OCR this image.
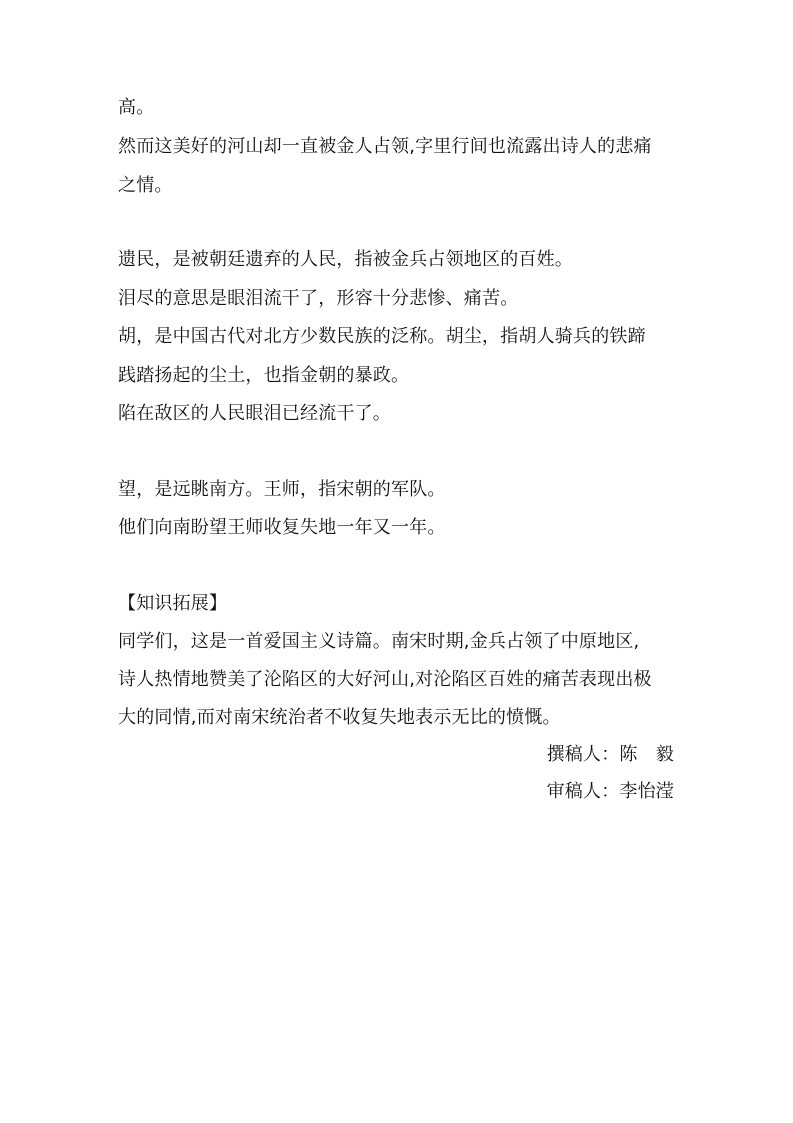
高。
然而这美好的河山却一直被金人占领,字里行间也流露出诗人的悲痛
之情。
遗民，是被朝廷遗弃的人民，指被金兵占领地区的百姓。
泪尽的意思是眼泪流干了，形容十分悲惨、痛苦。
胡，是中国古代对北方少数民族的泛称。胡尘，指胡人骑兵的铁蹄
践踏扬起的尘土，也指金朝的暴政。
陷在敌区的人民眼泪已经流干了。
望，是远眺南方。王师，指宋朝的军队。
他们向南盼望王师收复失地一年又一年。
【知识拓展】
同学们，这是一首爱国主义诗篇。南宋时期,金兵占领了中原地区,
诗人热情地赞美了沦陷区的大好河山,对沦陷区百姓的痛苦表现出极
大的同情,而对南宋统治者不收复失地表示无比的愤慨。
撰稿人：陈　毅
审稿人：李怡滢
